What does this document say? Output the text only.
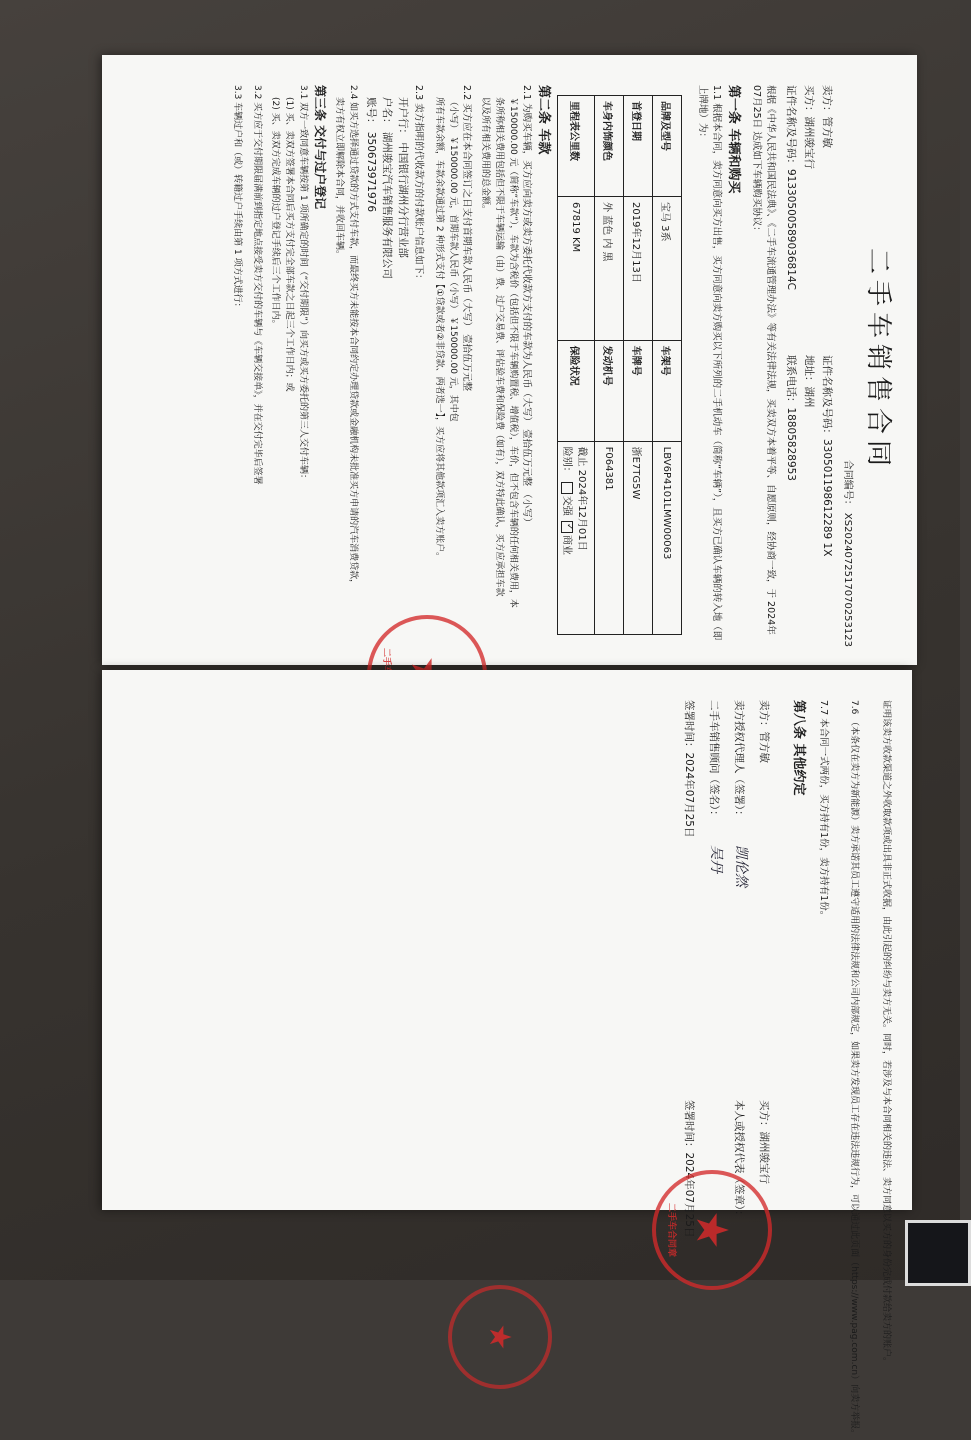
二手车销售合同
合同编号： XS2024072517070253123
卖方：管方敏
证件名称及号码：330501198612289 1X
买方：湖州骏宝行
地址：湖州
证件名称及号码：91330500589036814C
联系电话：18805828953
根据《中华人民共和国民法典》、《二手车流通管理办法》等有关法律法规，买卖双方本着平等、自愿原则，经协商一致，于 2024年07月25日 达成如下车辆购买协议：
第一条 车辆和购买
1.1 根据本合同，卖方同意向买方出售，买方同意向卖方购买以下所列的二手机动车（简称“车辆”），且买方已确认车辆的转入地（即上牌地）为：
品牌及型号	宝马 3系	车架号	LBV6P4101LMW00063
首登日期	2019年12月13日	车牌号	浙E7TG5W
车身内饰颜色	外 蓝色 内 黑	发动机号	F064381
里程表公里数	67819 KM	保险状况	截止 2024年12月01日
险别： 交强 ✓商业
第二条 车款
2.1 为购买车辆，买方应向卖方或卖方委托代收款方支付的车款为人民币（大写） 壹拾伍万元整 （小写）
￥150000.00 元（简称“车款”），车款为含税价（包括但不限于车辆购置税、增值税），车价，但不包含车辆的任何相关费用，本
条所称相关费用包括但不限于车辆运输（由）费、过户交易费、评估验车费和保险费（如有），双方特此确认，买方应承担车款
以及所有相关费用的总金额。
2.2 买方应在本合同签订之日支付首期车款人民币（大写） 壹拾伍万元整
（小写） ￥150000.00 元，首期车款人民币（小写） ￥150000.00 元，其中包
所有车款余额，车款余款通过第 2 种形式支付【①贷款或者②非贷款、两者选一】，买方应将其他款项汇入卖方账户。
2.3 卖方指明的代收款方的付款账户信息如下：
开户行： 中国银行湖州分行营业部
户名： 湖州骏宝汽车销售服务有限公司
账号： 350673971976
2.4 如买方选择通过贷款的方式支付车款，而最终买方未能按本合同约定办理贷款或金融机构未批准买方申请的汽车消费贷款，
卖方有权立即解除本合同，并收回车辆。
第三条 交付与过户登记
3.1 双方一致同意车辆按第 1 项所确定的时间（“交付期限”）向买方或买方委托的第三人交付车辆：
(1) 买、卖双方签署本合同后买方支付完全部车款之日起三个工作日内；或
(2) 买、卖双方完成车辆的过户登记手续后三个工作日内。
3.2 买方应于交付期限届满前到指定地点接受卖方交付的车辆与《车辆交接单》，并在交付完毕后签署
3.3 车辆过户和（或）转籍过户手续由第 1 项方式进行：
证明该卖方收款渠道之外收取款项或出具非正式收据，由此引起的纠纷与卖方无关。同时，若涉及与本合同相关的违法、卖方同意以买方的身份完成付款给卖方的账户。
7.6 （本条仅在卖方为新能源）卖方承诺其员工遵守适用的法律法规和公司内部规定，如果卖方发现员工存在违法违规行为，可以通过此页面（https://www.pag.com.cn）向卖方举报。
7.7 本合同一式两份，买方持有1份，卖方持有1份。
第八条 其他约定
卖方：管方敏
卖方授权代理人（签署）：
凯伦然
二手车销售顾问（签名）：
吴丹
签署时间：2024年07月25日
买方：湖州骏宝行
本人或授权代表（签章）：
签署时间：2024年07月25日
★
二手车合同章
★
